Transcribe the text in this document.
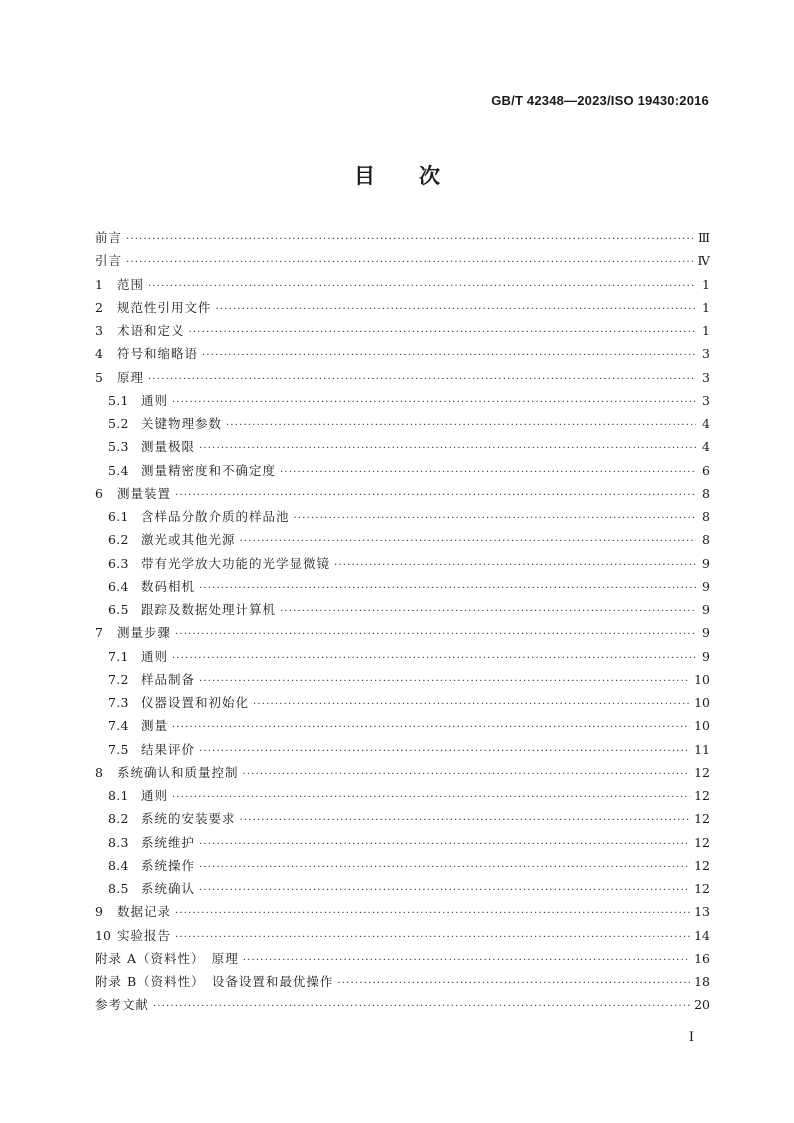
GB/T 42348—2023/ISO 19430:2016
目 次
前言 ·····	Ⅲ
引言 ·····	Ⅳ
1	范围 ·····	1
2	规范性引用文件 ·····	1
3	术语和定义 ·····	1
4	符号和缩略语 ·····	3
5	原理 ·····	3
5.1 通则 ·····	3
5.2 关键物理参数 ·····	4
5.3 测量极限 ·····	4
5.4 测量精密度和不确定度 ·····	6
6	测量装置 ·····	8
6.1 含样品分散介质的样品池 ·····	8
6.2 激光或其他光源 ·····	8
6.3 带有光学放大功能的光学显微镜 ·····	9
6.4 数码相机 ·····	9
6.5 跟踪及数据处理计算机 ·····	9
7	测量步骤 ·····	9
7.1 通则 ·····	9
7.2 样品制备 ·····	10
7.3 仪器设置和初始化 ·····	10
7.4 测量 ·····	10
7.5 结果评价 ·····	11
8	系统确认和质量控制 ·····	12
8.1 通则 ·····	12
8.2 系统的安装要求 ·····	12
8.3 系统维护 ·····	12
8.4 系统操作 ·····	12
8.5 系统确认 ·····	12
9	数据记录 ·····	13
10 实验报告 ·····	14
附录 A（资料性）　原理 ·····	16
附录 B（资料性）　设备设置和最优操作 ·····	18
参考文献 ·····	20
Ⅰ
